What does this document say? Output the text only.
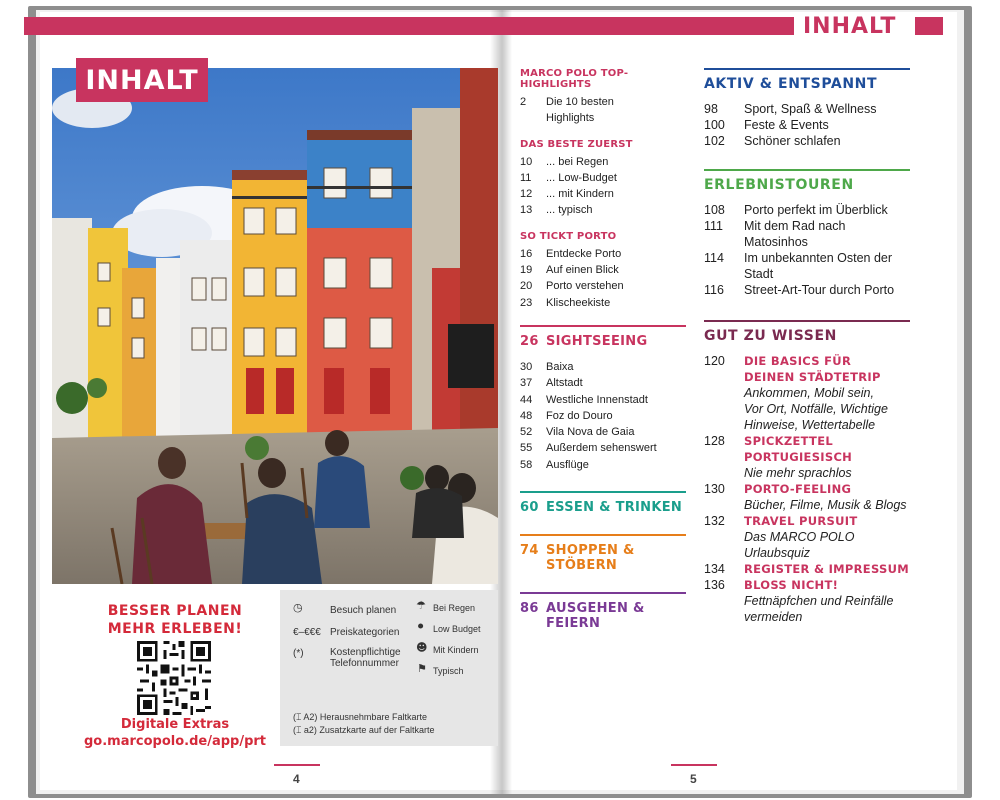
INHALT
INHALT
BESSER PLANEN
MEHR ERLEBEN!
Digitale Extras
go.marcopolo.de/app/prt
◷	Besuch planen
€–€€€ Preiskategorien
(*)	Kostenpflichtige
Telefonnummer
☂ Bei Regen
⚫ Low Budget
☻ Mit Kindern
⚑ Typisch
(⌶ A2) Herausnehmbare Faltkarte
(⌶ a2) Zusatzkarte auf der Faltkarte
4	5
MARCO POLO TOP-HIGHLIGHTS
2	Die 10 besten Highlights
DAS BESTE ZUERST
10	... bei Regen
11	... Low-Budget
12	... mit Kindern
13	... typisch
SO TICKT PORTO
16	Entdecke Porto
19	Auf einen Blick
20	Porto verstehen
23	Klischeekiste
26 SIGHTSEEING
30	Baixa
37	Altstadt
44	Westliche Innenstadt
48	Foz do Douro
52	Vila Nova de Gaia
55	Außerdem sehenswert
58	Ausflüge
60 ESSEN & TRINKEN
74 SHOPPEN & STÖBERN
86 AUSGEHEN & FEIERN
AKTIV & ENTSPANNT
98	Sport, Spaß & Wellness
100	Feste & Events
102	Schöner schlafen
ERLEBNISTOUREN
108	Porto perfekt im Überblick
111	Mit dem Rad nach Matosinhos
114	Im unbekannten Osten der Stadt
116	Street-Art-Tour durch Porto
GUT ZU WISSEN
120	DIE BASICS FÜR DEINEN STÄDTETRIP
Ankommen, Mobil sein, Vor Ort, Notfälle, Wichtige Hinweise, Wettertabelle
128	SPICKZETTEL PORTUGIESISCH
Nie mehr sprachlos
130	PORTO-FEELING
Bücher, Filme, Musik & Blogs
132	TRAVEL PURSUIT
Das MARCO POLO Urlaubsquiz
134	REGISTER & IMPRESSUM
136	BLOSS NICHT!
Fettnäpfchen und Reinfälle vermeiden
